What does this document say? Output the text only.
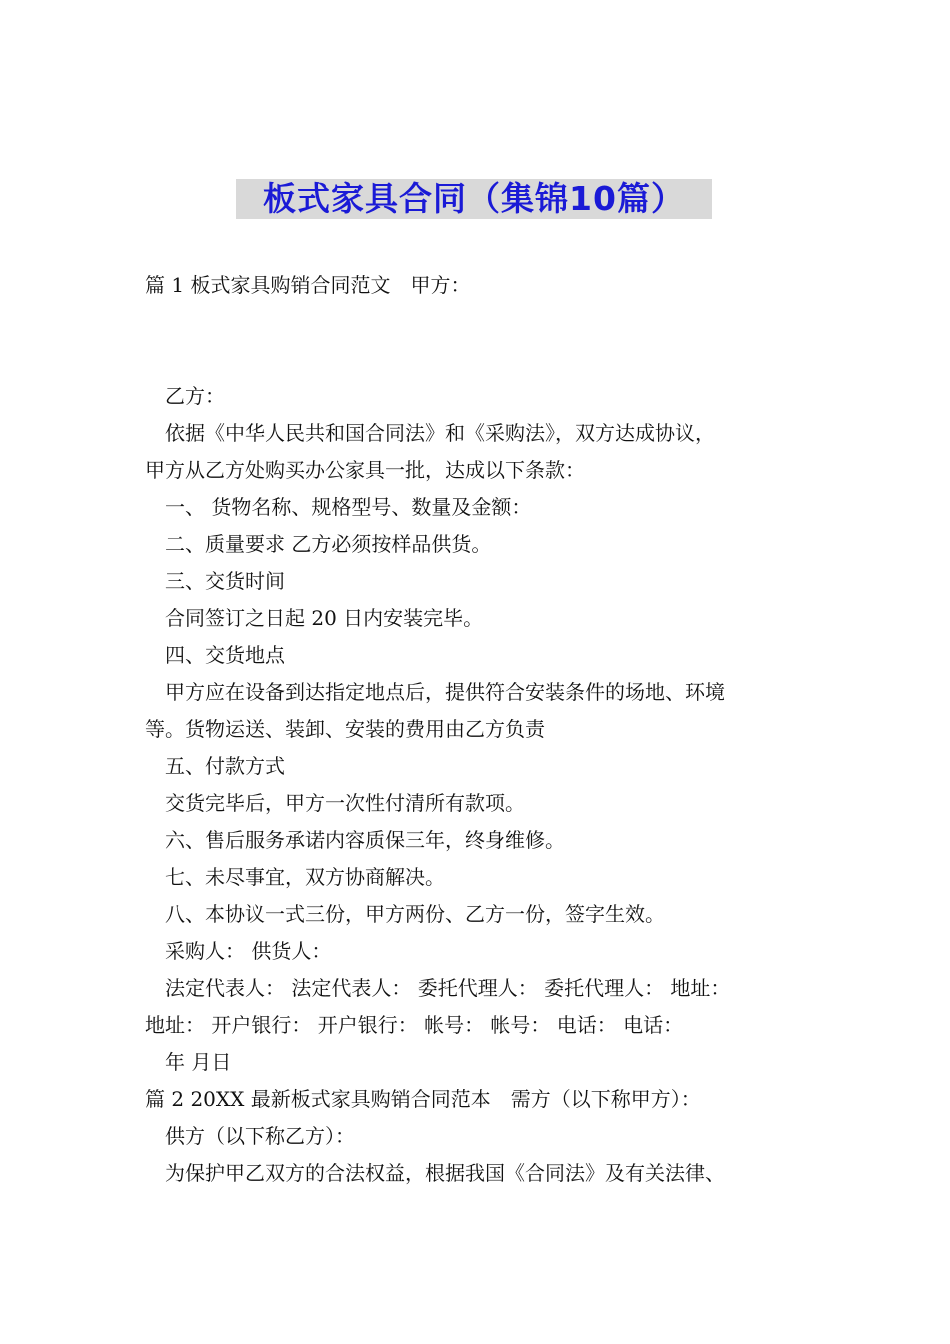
板式家具合同（集锦10篇）
篇 1 板式家具购销合同范文　甲方：
乙方：
依据《中华人民共和国合同法》和《采购法》，双方达成协议，
甲方从乙方处购买办公家具一批，达成以下条款：
一、 货物名称、规格型号、数量及金额：
二、质量要求 乙方必须按样品供货。
三、交货时间
合同签订之日起 20 日内安装完毕。
四、交货地点
甲方应在设备到达指定地点后，提供符合安装条件的场地、环境
等。货物运送、装卸、安装的费用由乙方负责
五、付款方式
交货完毕后，甲方一次性付清所有款项。
六、售后服务承诺内容质保三年，终身维修。
七、未尽事宜，双方协商解决。
八、本协议一式三份，甲方两份、乙方一份，签字生效。
采购人： 供货人：
法定代表人： 法定代表人： 委托代理人： 委托代理人： 地址：
地址： 开户银行： 开户银行： 帐号： 帐号： 电话： 电话：
年 月日
篇 2 20XX 最新板式家具购销合同范本　需方（以下称甲方）：
供方（以下称乙方）：
为保护甲乙双方的合法权益，根据我国《合同法》及有关法律、
